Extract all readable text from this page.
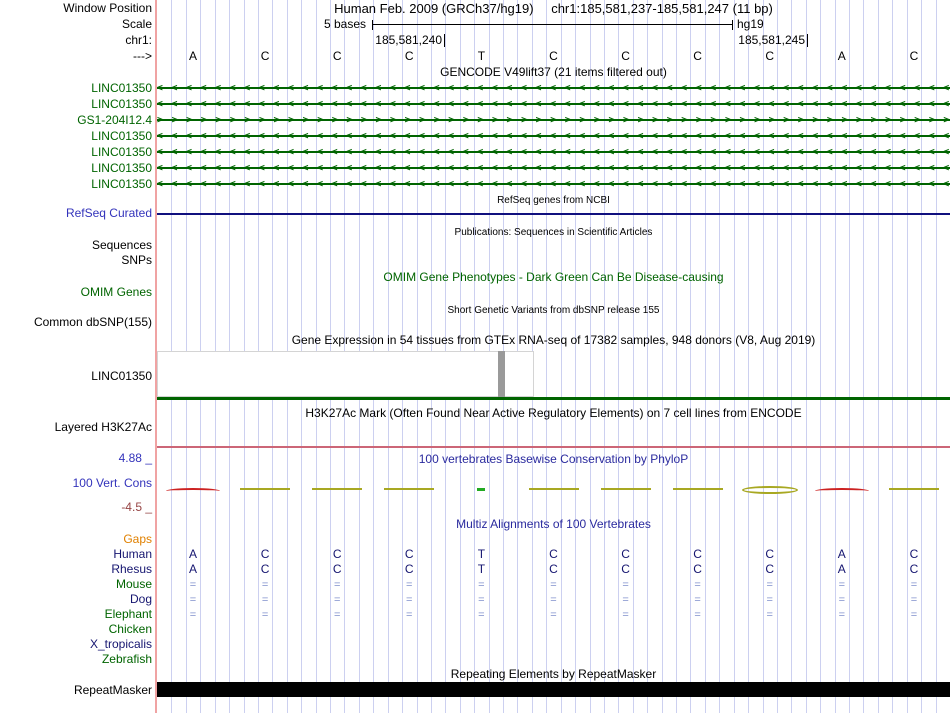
Window Position	Human Feb. 2009 (GRCh37/hg19) chr1:185,581,237-185,581,247 (11 bp)
Scale	5 bases	hg19
chr1:	185,581,240	185,581,245
--->	A	C	C	C	T	C	C	C	C	A	C
GENCODE V49lift37 (21 items filtered out)
LINC01350 < < < < < < < < < < < < < < < < < < < < < < < < < < < < < < < < < < < < < < < < < < < < < < < < < < < < < < <
LINC01350 < < < < < < < < < < < < < < < < < < < < < < < < < < < < < < < < < < < < < < < < < < < < < < < < < < < < < < <
GS1-204I12.4 > > > > > > > > > > > > > > > > > > > > > > > > > > > > > > > > > > > > > > > > > > > > > > > > > > > > > > >
LINC01350 < < < < < < < < < < < < < < < < < < < < < < < < < < < < < < < < < < < < < < < < < < < < < < < < < < < < < < <
LINC01350 < < < < < < < < < < < < < < < < < < < < < < < < < < < < < < < < < < < < < < < < < < < < < < < < < < < < < < <
LINC01350 < < < < < < < < < < < < < < < < < < < < < < < < < < < < < < < < < < < < < < < < < < < < < < < < < < < < < < <
LINC01350 < < < < < < < < < < < < < < < < < < < < < < < < < < < < < < < < < < < < < < < < < < < < < < < < < < < < < < <
RefSeq genes from NCBI
RefSeq Curated
Publications: Sequences in Scientific Articles
Sequences
SNPs
OMIM Gene Phenotypes - Dark Green Can Be Disease-causing
OMIM Genes
Short Genetic Variants from dbSNP release 155
Common dbSNP(155)
Gene Expression in 54 tissues from GTEx RNA-seq of 17382 samples, 948 donors (V8, Aug 2019)
LINC01350
H3K27Ac Mark (Often Found Near Active Regulatory Elements) on 7 cell lines from ENCODE
Layered H3K27Ac
100 vertebrates Basewise Conservation by PhyloP
4.88 _
100 Vert. Cons
-4.5 _
Multiz Alignments of 100 Vertebrates
Gaps
Human	A	C	C	C	T	C	C	C	C	A	C
Rhesus	A	C	C	C	T	C	C	C	C	A	C
Mouse	=	=	=	=	=	=	=	=	=	=	=
Dog	=	=	=	=	=	=	=	=	=	=	=
Elephant	=	=	=	=	=	=	=	=	=	=	=
Chicken
X_tropicalis
Zebrafish
Repeating Elements by RepeatMasker
RepeatMasker
